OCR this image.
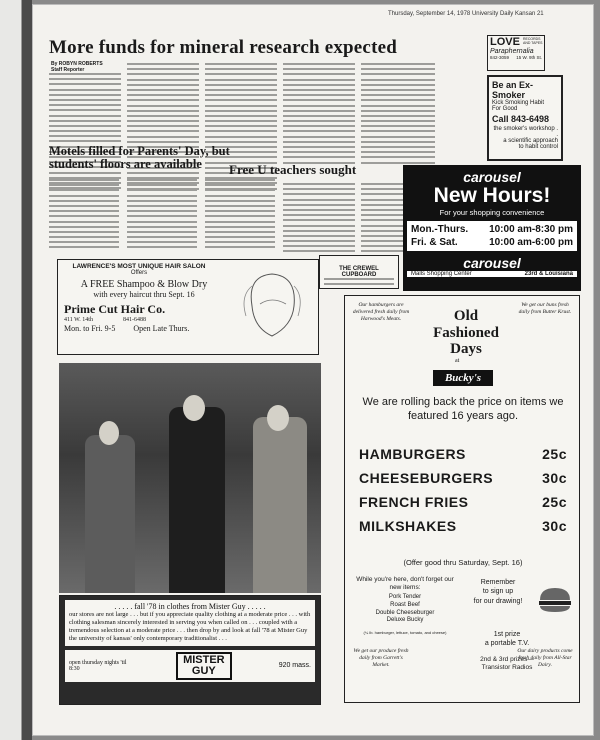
Thursday, September 14, 1978 University Daily Kansan 21
More funds for mineral research expected
By ROBYN ROBERTS
Staff Reporter
Motels filled for Parents' Day, but students' floors are available	Free U teachers sought
LOVE RECORDS AND TAPES
Paraphernalia
842-3059 15 W. 9th St.
Be an Ex-Smoker
Kick Smoking Habit
For Good
Call 843-6498
the smoker's workshop . .
a scientific approach
to habit control
carousel
New Hours!
For your shopping convenience
Mon.-Thurs. 10:00 am-8:30 pm
Fri. & Sat.	10:00 am-6:00 pm
carousel
Malls Shopping Center	23rd & Louisiana
THE CREWEL CUPBOARD
LAWRENCE'S MOST UNIQUE HAIR SALON
Offers
A FREE Shampoo & Blow Dry
with every haircut thru Sept. 16
Prime Cut Hair Co.
411 W. 14th	841-6488
Mon. to Fri. 9-5 Open Late Thurs.
. . . . . fall '78 in clothes from Mister Guy . . . . .
our stores are not large . . . but if you appreciate quality clothing at a moderate price . . . with clothing salesman sincerely interested in serving you when called on . . . coupled with a tremendous selection at a moderate price . . . then drop by and look at fall '78 at Mister Guy the university of kansas' only contemporary traditionalist . . .
open thursday nights 'til 8:30
MISTER GUY	920 mass.
Our hamburgers are delivered fresh daily from Harwood's Meats.
We get our buns fresh daily from Butter Krust.
Old Fashioned Days
at
Bucky's
We are rolling back the price on items we featured 16 years ago.
HAMBURGERS	25c
CHEESEBURGERS	30c
FRENCH FRIES	25c
MILKSHAKES	30c
(Offer good thru Saturday, Sept. 16)
While you're here, don't forget our new items:
Pork Tender
Roast Beef
Double Cheeseburger
Deluxe Bucky
(¼ lb. hamburger, lettuce, tomato, and cheese)
Remember
to sign up
for our drawing!
1st prize
a portable T.V.
2nd & 3rd prizes—
Transistor Radios
We get our produce fresh daily from Garrett's Market.
Our dairy products come fresh daily from All-Star Dairy.
